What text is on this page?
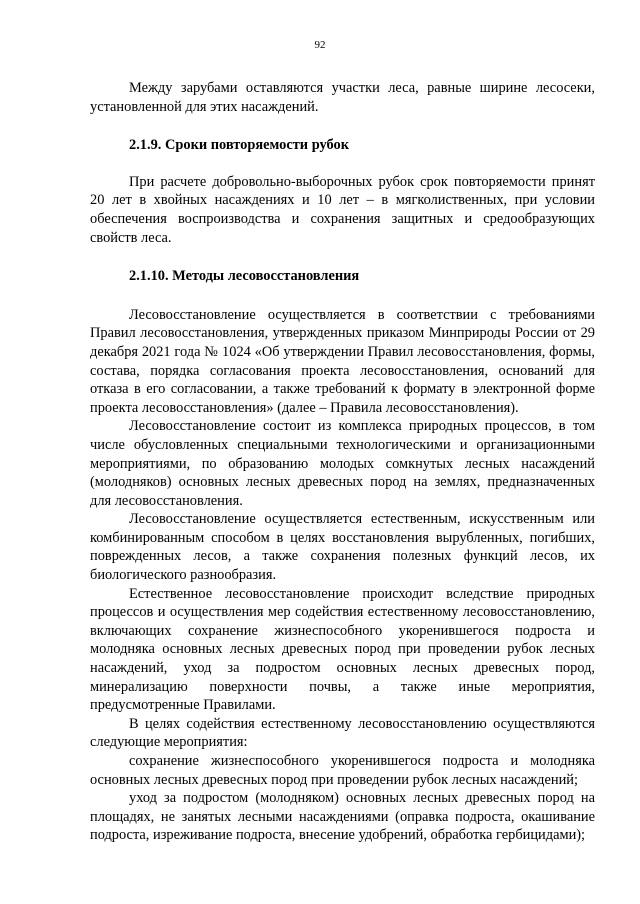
92

Между зарубами оставляются участки леса, равные ширине лесосеки, установленной для этих насаждений.

2.1.9. Сроки повторяемости рубок

При расчете добровольно-выборочных рубок срок повторяемости принят 20 лет в хвойных насаждениях и 10 лет – в мягколиственных, при условии обеспечения воспроизводства и сохранения защитных и средообразующих свойств леса.

2.1.10. Методы лесовосстановления

Лесовосстановление осуществляется в соответствии с требованиями Правил лесовосстановления, утвержденных приказом Минприроды России от 29 декабря 2021 года № 1024 «Об утверждении Правил лесовосстановления, формы, состава, порядка согласования проекта лесовосстановления, оснований для отказа в его согласовании, а также требований к формату в электронной форме проекта лесовосстановления» (далее – Правила лесовосстановления).

Лесовосстановление состоит из комплекса природных процессов, в том числе обусловленных специальными технологическими и организационными мероприятиями, по образованию молодых сомкнутых лесных насаждений (молодняков) основных лесных древесных пород на землях, предназначенных для лесовосстановления.

Лесовосстановление осуществляется естественным, искусственным или комбинированным способом в целях восстановления вырубленных, погибших, поврежденных лесов, а также сохранения полезных функций лесов, их биологического разнообразия.

Естественное лесовосстановление происходит вследствие природных процессов и осуществления мер содействия естественному лесовосстановлению, включающих сохранение жизнеспособного укоренившегося подроста и молодняка основных лесных древесных пород при проведении рубок лесных насаждений, уход за подростом основных лесных древесных пород, минерализацию поверхности почвы, а также иные мероприятия, предусмотренные Правилами.

В целях содействия естественному лесовосстановлению осуществляются следующие мероприятия:

сохранение жизнеспособного укоренившегося подроста и молодняка основных лесных древесных пород при проведении рубок лесных насаждений;

уход за подростом (молодняком) основных лесных древесных пород на площадях, не занятых лесными насаждениями (оправка подроста, окашивание подроста, изреживание подроста, внесение удобрений, обработка гербицидами);
